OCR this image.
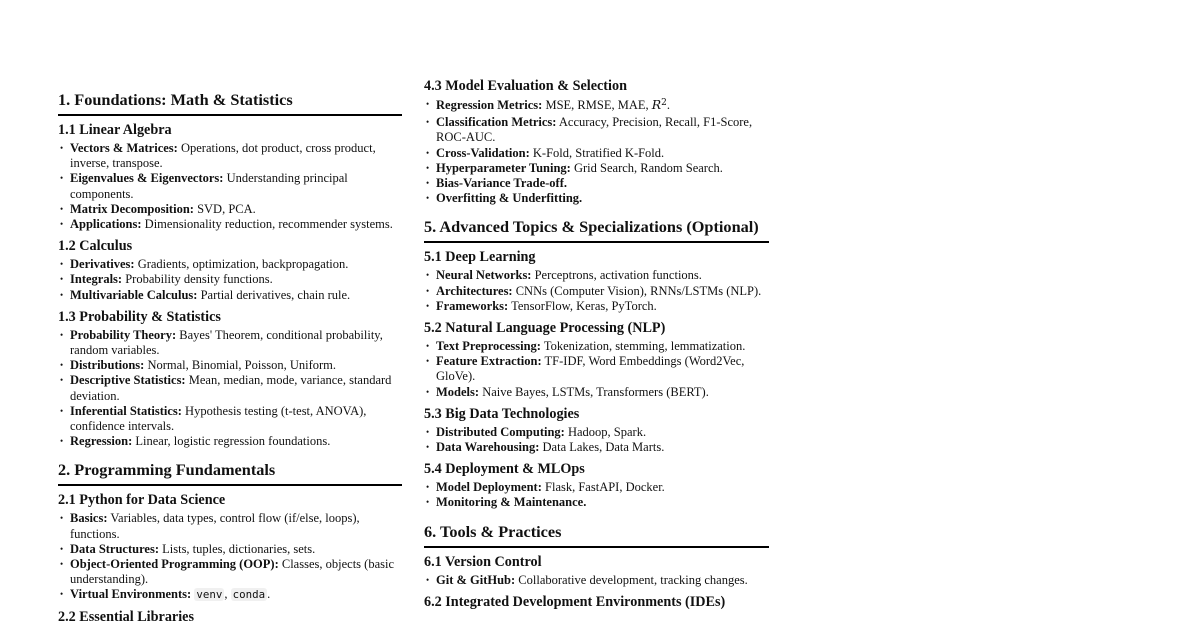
1. Foundations: Math & Statistics
1.1 Linear Algebra
• Vectors & Matrices: Operations, dot product, cross product, inverse, transpose.
• Eigenvalues & Eigenvectors: Understanding principal components.
• Matrix Decomposition: SVD, PCA.
• Applications: Dimensionality reduction, recommender systems.
1.2 Calculus
• Derivatives: Gradients, optimization, backpropagation.
• Integrals: Probability density functions.
• Multivariable Calculus: Partial derivatives, chain rule.
1.3 Probability & Statistics
• Probability Theory: Bayes' Theorem, conditional probability, random variables.
• Distributions: Normal, Binomial, Poisson, Uniform.
• Descriptive Statistics: Mean, median, mode, variance, standard deviation.
• Inferential Statistics: Hypothesis testing (t-test, ANOVA), confidence intervals.
• Regression: Linear, logistic regression foundations.
2. Programming Fundamentals
2.1 Python for Data Science
• Basics: Variables, data types, control flow (if/else, loops), functions.
• Data Structures: Lists, tuples, dictionaries, sets.
• Object-Oriented Programming (OOP): Classes, objects (basic understanding).
• Virtual Environments: venv , conda .
2.2 Essential Libraries
4.3 Model Evaluation & Selection
• Regression Metrics: MSE, RMSE, MAE, $R^2$.
• Classification Metrics: Accuracy, Precision, Recall, F1-Score, ROC-AUC.
• Cross-Validation: K-Fold, Stratified K-Fold.
• Hyperparameter Tuning: Grid Search, Random Search.
• Bias-Variance Trade-off.
• Overfitting & Underfitting.
5. Advanced Topics & Specializations (Optional)
5.1 Deep Learning
• Neural Networks: Perceptrons, activation functions.
• Architectures: CNNs (Computer Vision), RNNs/LSTMs (NLP).
• Frameworks: TensorFlow, Keras, PyTorch.
5.2 Natural Language Processing (NLP)
• Text Preprocessing: Tokenization, stemming, lemmatization.
• Feature Extraction: TF-IDF, Word Embeddings (Word2Vec, GloVe).
• Models: Naive Bayes, LSTMs, Transformers (BERT).
5.3 Big Data Technologies
• Distributed Computing: Hadoop, Spark.
• Data Warehousing: Data Lakes, Data Marts.
5.4 Deployment & MLOps
• Model Deployment: Flask, FastAPI, Docker.
• Monitoring & Maintenance.
6. Tools & Practices
6.1 Version Control
• Git & GitHub: Collaborative development, tracking changes.
6.2 Integrated Development Environments (IDEs)
